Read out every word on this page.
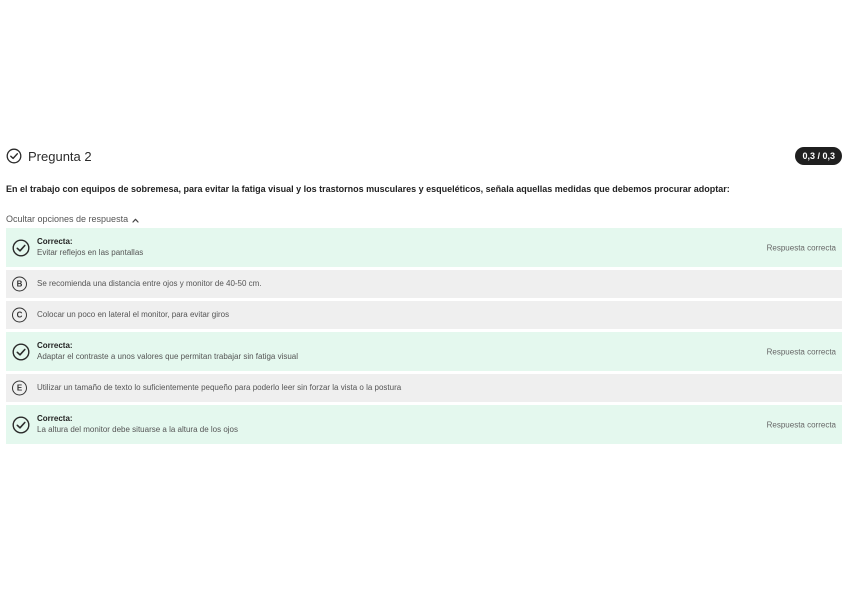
Pregunta 2	0,3 / 0,3
En el trabajo con equipos de sobremesa, para evitar la fatiga visual y los trastornos musculares y esqueléticos, señala aquellas medidas que debemos procurar adoptar:
Ocultar opciones de respuesta
Correcta:
Evitar reflejos en las pantallas
Respuesta correcta
B	Se recomienda una distancia entre ojos y monitor de 40-50 cm.
C	Colocar un poco en lateral el monitor, para evitar giros
Correcta:
Adaptar el contraste a unos valores que permitan trabajar sin fatiga visual
Respuesta correcta
E	Utilizar un tamaño de texto lo suficientemente pequeño para poderlo leer sin forzar la vista o la postura
Correcta:
La altura del monitor debe situarse a la altura de los ojos
Respuesta correcta
